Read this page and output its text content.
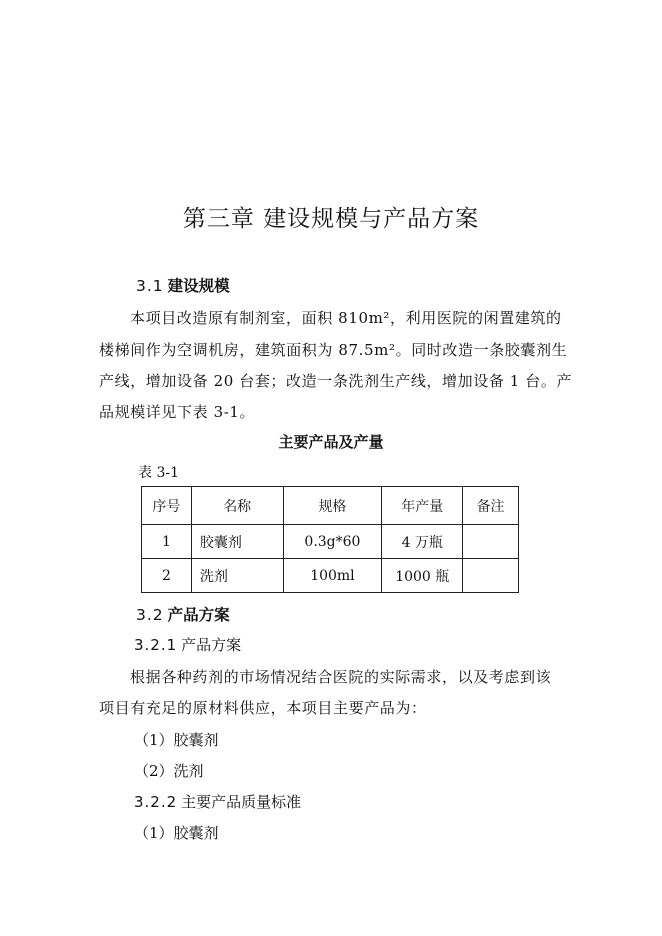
第三章 建设规模与产品方案
3.1 建设规模
本项目改造原有制剂室，面积 810m²，利用医院的闲置建筑的
楼梯间作为空调机房，建筑面积为 87.5m²。同时改造一条胶囊剂生
产线，增加设备 20 台套；改造一条洗剂生产线，增加设备 1 台。产
品规模详见下表 3-1。
主要产品及产量
表 3-1
序号	名称	规格	年产量	备注
1	胶囊剂	0.3g*60	4 万瓶	
2	洗剂	100ml	1000 瓶	
3.2 产品方案
3.2.1 产品方案
根据各种药剂的市场情况结合医院的实际需求，以及考虑到该
项目有充足的原材料供应，本项目主要产品为：
（1）胶囊剂
（2）洗剂
3.2.2 主要产品质量标准
（1）胶囊剂
